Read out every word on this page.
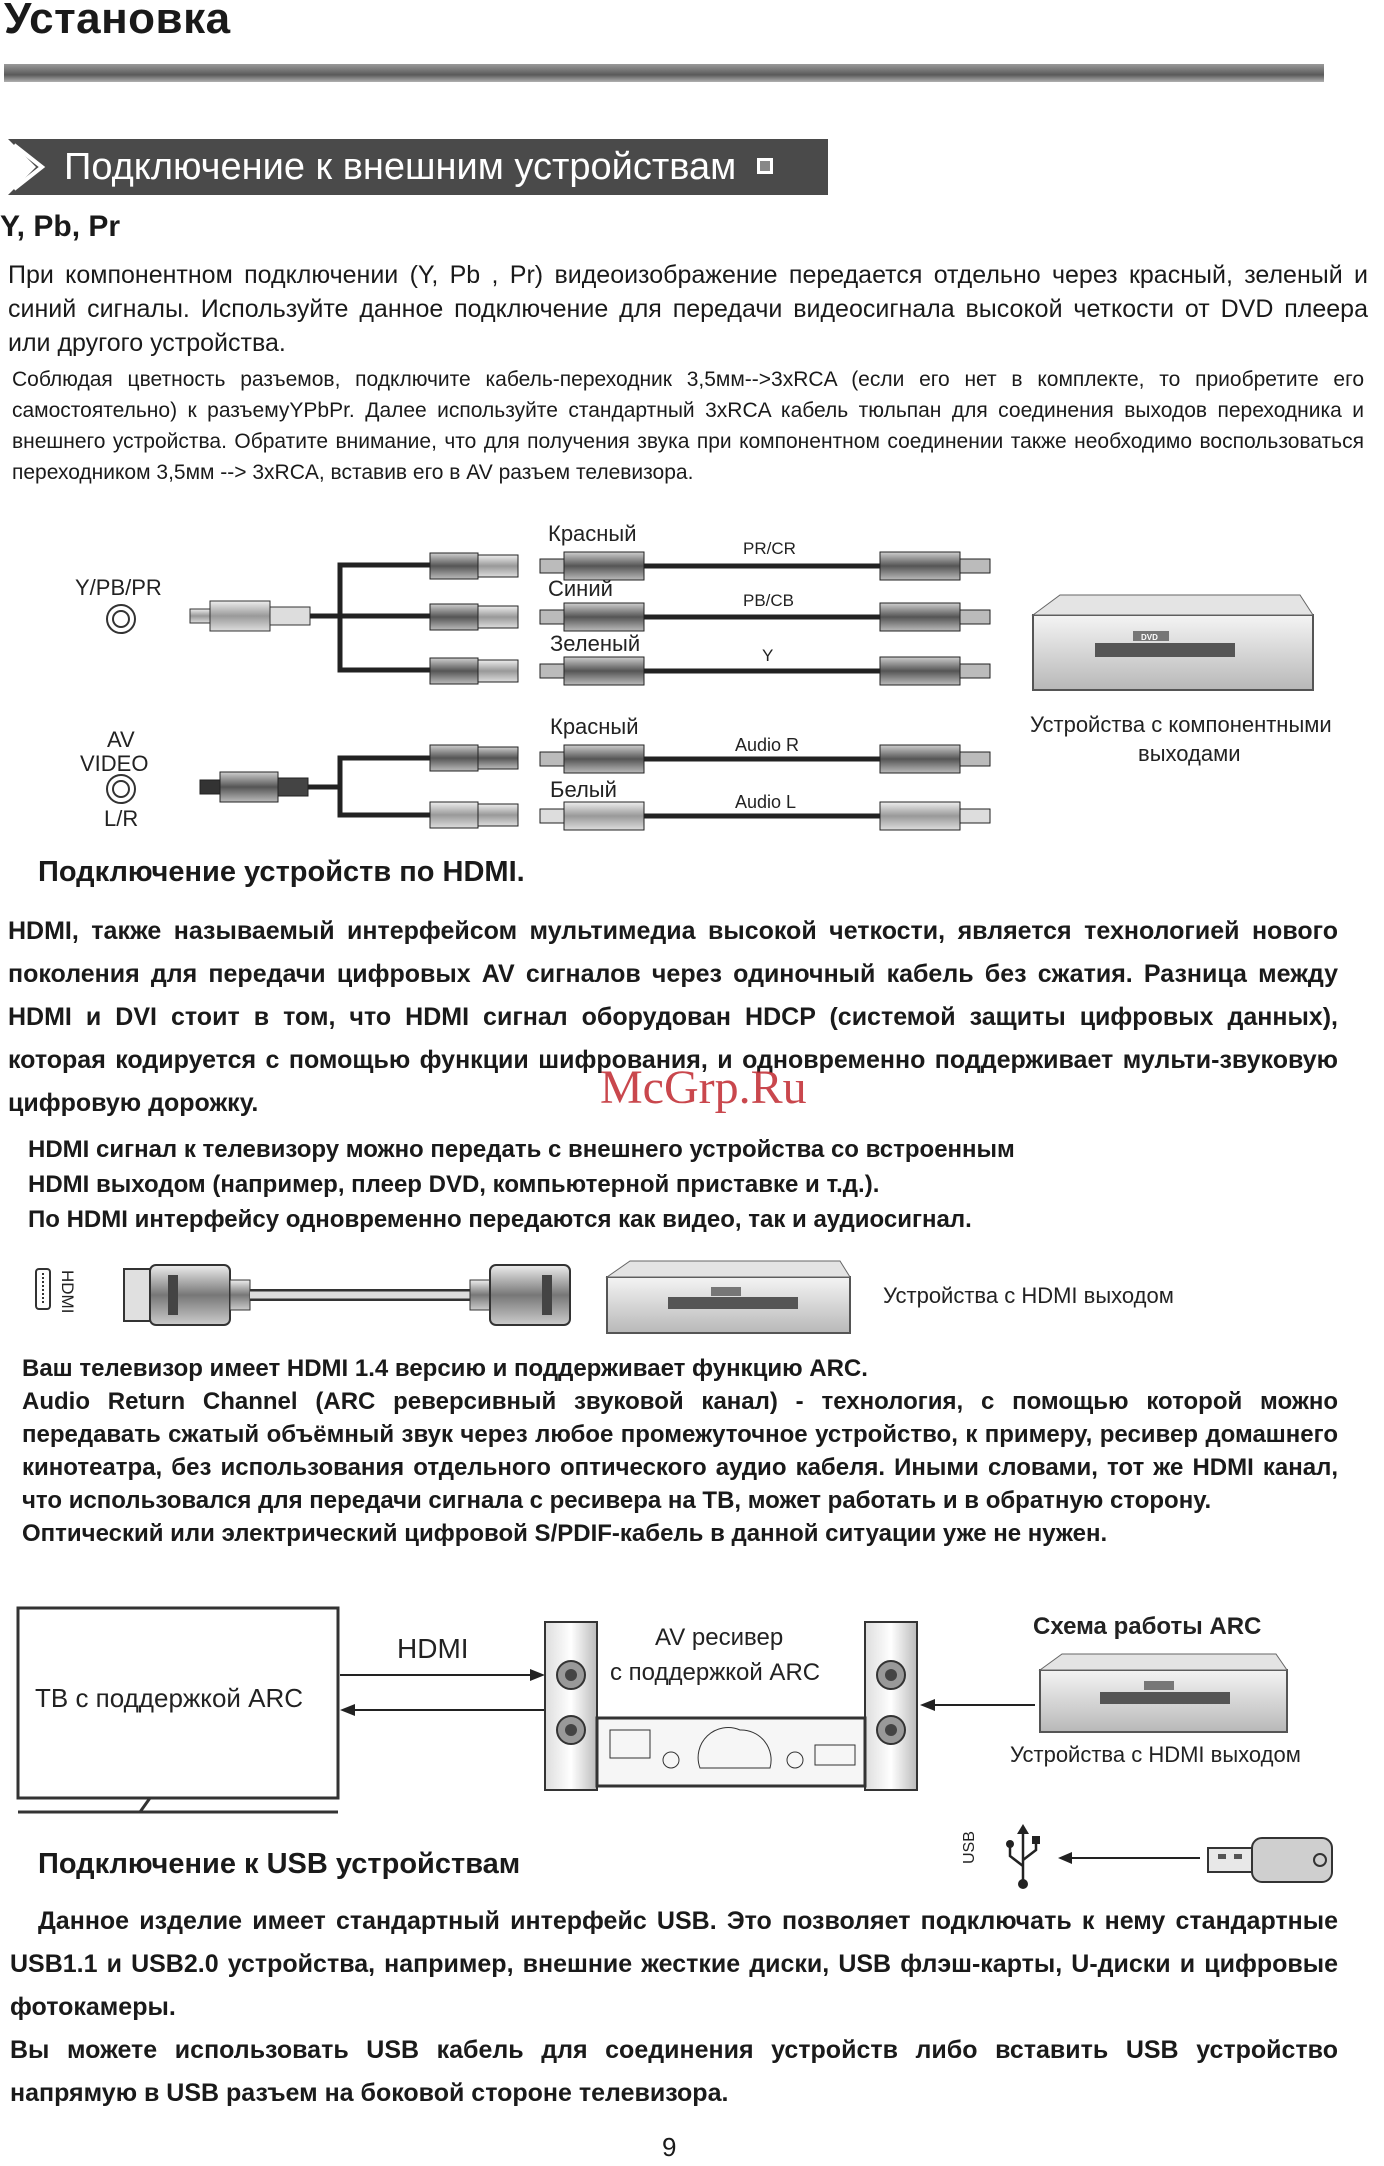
Установка
Подключение к внешним устройствам
Y, Pb, Pr
При компонентном подключении (Y, Pb , Pr) видеоизображение передается отдельно через красный, зеленый и синий сигналы. Используйте данное подключение для передачи видеосигнала высокой четкости от DVD плеера или другого устройства.
Соблюдая цветность разъемов, подключите кабель-переходник 3,5мм-->3xRCA (если его нет в комплекте, то приобретите его самостоятельно) к разъемуYPbPr. Далее используйте стандартный 3xRCA кабель тюльпан для соединения выходов переходника и внешнего устройства. Обратите внимание, что для получения звука при компонентном соединении также необходимо воспользоваться переходником 3,5мм --> 3xRCA, вставив его в AV разъем телевизора.
Y/PB/PR
Красный
Синий
Зеленый
PR/CR
PB/CB
Y
DVD
Устройства с компонентными
выходами
AV
VIDEO
L/R
Красный
Белый
Audio R
Audio L
Подключение устройств по HDMI.
HDMI, также называемый интерфейсом мультимедиа высокой четкости, является технологией нового поколения для передачи цифровых AV сигналов через одиночный кабель без сжатия. Разница между HDMI и DVI стоит в том, что HDMI сигнал оборудован HDCP (системой защиты цифровых данных), которая кодируется с помощью функции шифрования, и одновременно поддерживает мульти-звуковую цифровую дорожку.
HDMI сигнал к телевизору можно передать с внешнего устройства со встроенным
HDMI выходом (например, плеер DVD, компьютерной приставке и т.д.).
По HDMI интерфейсу одновременно передаются как видео, так и аудиосигнал.
HDMI	Устройства с HDMI выходом
Ваш телевизор имеет HDMI 1.4 версию и поддерживает функцию ARC.
Audio Return Channel (ARC реверсивный звуковой канал) - технология, с помощью которой можно передавать сжатый объёмный звук через любое промежуточное устройство, к примеру, ресивер домашнего кинотеатра, без использования отдельного оптического аудио кабеля. Иными словами, тот же HDMI канал, что использовался для передачи сигнала с ресивера на ТВ, может работать и в обратную сторону.
Оптический или электрический цифровой S/PDIF-кабель в данной ситуации уже не нужен.
ТВ с поддержкой ARC
HDMI	AV ресивер
с поддержкой ARC
Схема работы ARC
Устройства с HDMI выходом
Подключение к USB устройствам	USB
Данное изделие имеет стандартный интерфейс USB. Это позволяет подключать к нему стандартные USB1.1 и USB2.0 устройства, например, внешние жесткие диски, USB флэш-карты, U-диски и цифровые фотокамеры.
Вы можете использовать USB кабель для соединения устройств либо вставить USB устройство напрямую в USB разъем на боковой стороне телевизора.
McGrp.Ru
9
